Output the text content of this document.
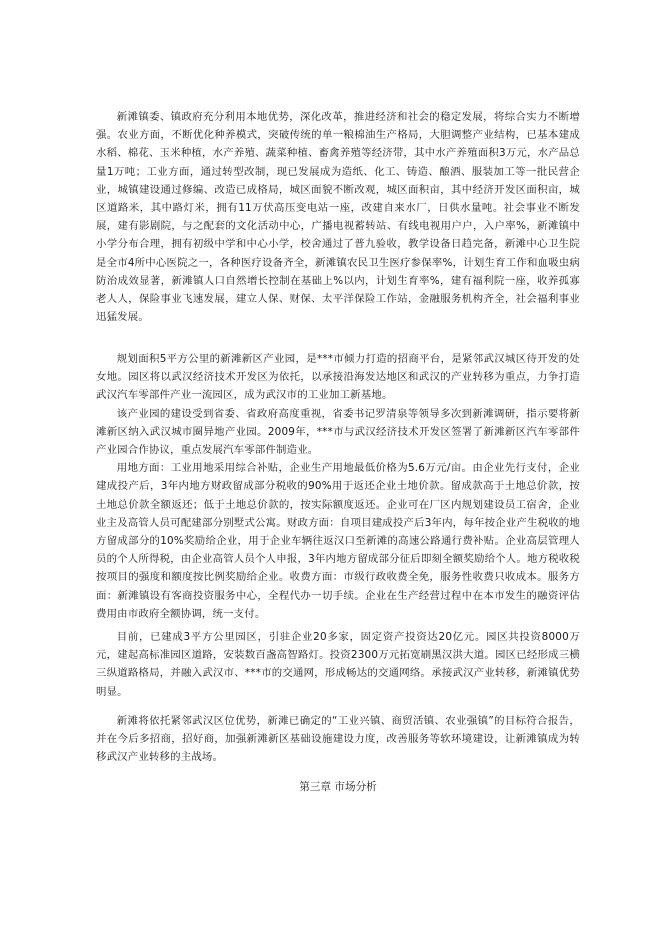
新滩镇委、镇政府充分利用本地优势，深化改革，推进经济和社会的稳定发展，将综合实力不断增强。农业方面，不断优化种养模式，突破传统的单一粮棉油生产格局，大胆调整产业结构，已基本建成水稻、棉花、玉米种植，水产养殖、蔬菜种植、畜禽养殖等经济带，其中水产养殖面积3万元，水产品总量1万吨；工业方面，通过转型改制，现已发展成为造纸、化工、铸造、酿酒、服装加工等一批民营企业，城镇建设通过修编、改造已成格局，城区面貌不断改观，城区面积亩，其中经济开发区面积亩，城区道路米，其中路灯米，拥有11万伏高压变电站一座，改建自来水厂，日供水量吨。社会事业不断发展，建有影剧院，与之配套的文化活动中心，广播电视蓄转站、有线电视用户户，入户率%，新滩镇中小学分布合理，拥有初级中学和中心小学，校舍通过了普九验收，教学设备日趋完备，新滩中心卫生院是全市4所中心医院之一，各种医疗设备齐全，新滩镇农民卫生医疗参保率%，计划生育工作和血吸虫病防治成效显著，新滩镇人口自然增长控制在基础上%以内，计划生育率%，建有福利院一座，收养孤寡老人人，保险事业飞速发展，建立人保、财保、太平洋保险工作站，金融服务机构齐全，社会福利事业迅猛发展。
规划面积5平方公里的新滩新区产业园，是***市倾力打造的招商平台，是紧邻武汉城区待开发的处女地。园区将以武汉经济技术开发区为依托，以承接沿海发达地区和武汉的产业转移为重点，力争打造武汉汽车零部件产业一流园区，成为武汉市的工业加工新基地。
该产业园的建设受到省委、省政府高度重视，省委书记罗清泉等领导多次到新滩调研，指示要将新滩新区纳入武汉城市圈异地产业园。2009年，***市与武汉经济技术开发区签署了新滩新区汽车零部件产业园合作协议，重点发展汽车零部件制造业。
用地方面：工业用地采用综合补贴，企业生产用地最低价格为5.6万元/亩。由企业先行支付，企业建成投产后，3年内地方财政留成部分税收的90%用于返还企业土地价款。留成款高于土地总价款，按土地总价款全额返还；低于土地总价款的，按实际额度返还。企业可在厂区内规划建设员工宿舍，企业业主及高管人员可配建部分别墅式公寓。财政方面：自项目建成投产后3年内，每年按企业产生税收的地方留成部分的10%奖励给企业，用于企业车辆往返汉口至新滩的高速公路通行费补贴。企业高层管理人员的个人所得税，由企业高管人员个人申报，3年内地方留成部分征后即刻全额奖励给个人。地方税收税按项目的强度和额度按比例奖励给企业。收费方面：市级行政收费全免，服务性收费只收成本。服务方面：新滩镇设有客商投资服务中心，全程代办一切手续。企业在生产经营过程中在本市发生的融资评估费用由市政府全额协调，统一支付。
目前，已建成3平方公里园区，引驻企业20多家，固定资产投资达20亿元。园区共投资8000万元，建起高标准园区道路，安装数百盏高智路灯。投资2300万元拓宽刷黑汉洪大道。园区已经形成三横三纵道路格局，并融入武汉市、***市的交通网，形成畅达的交通网络。承接武汉产业转移，新滩镇优势明显。
新滩将依托紧邻武汉区位优势，新滩已确定的“工业兴镇、商贸活镇、农业强镇”的目标符合报告，并在今后多招商，招好商，加强新滩新区基础设施建设力度，改善服务等软环境建设，让新滩镇成为转移武汉产业转移的主战场。
第三章 市场分析
